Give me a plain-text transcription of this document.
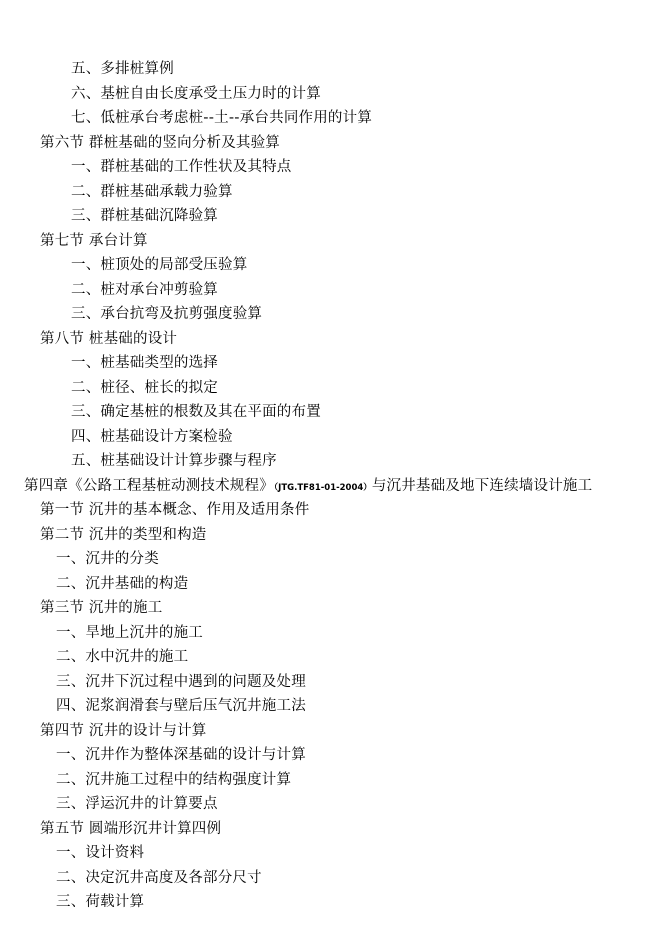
五、多排桩算例
六、基桩自由长度承受土压力时的计算
七、低桩承台考虑桩--土--承台共同作用的计算
第六节 群桩基础的竖向分析及其验算
一、群桩基础的工作性状及其特点
二、群桩基础承载力验算
三、群桩基础沉降验算
第七节 承台计算
一、桩顶处的局部受压验算
二、桩对承台冲剪验算
三、承台抗弯及抗剪强度验算
第八节 桩基础的设计
一、桩基础类型的选择
二、桩径、桩长的拟定
三、确定基桩的根数及其在平面的布置
四、桩基础设计方案检验
五、桩基础设计计算步骤与程序
第四章《公路工程基桩动测技术规程》（JTG.TF81-01-2004）与沉井基础及地下连续墙设计施工
第一节 沉井的基本概念、作用及适用条件
第二节 沉井的类型和构造
一、沉井的分类
二、沉井基础的构造
第三节 沉井的施工
一、旱地上沉井的施工
二、水中沉井的施工
三、沉井下沉过程中遇到的问题及处理
四、泥浆润滑套与壁后压气沉井施工法
第四节 沉井的设计与计算
一、沉井作为整体深基础的设计与计算
二、沉井施工过程中的结构强度计算
三、浮运沉井的计算要点
第五节 圆端形沉井计算四例
一、设计资料
二、决定沉井高度及各部分尺寸
三、荷载计算
